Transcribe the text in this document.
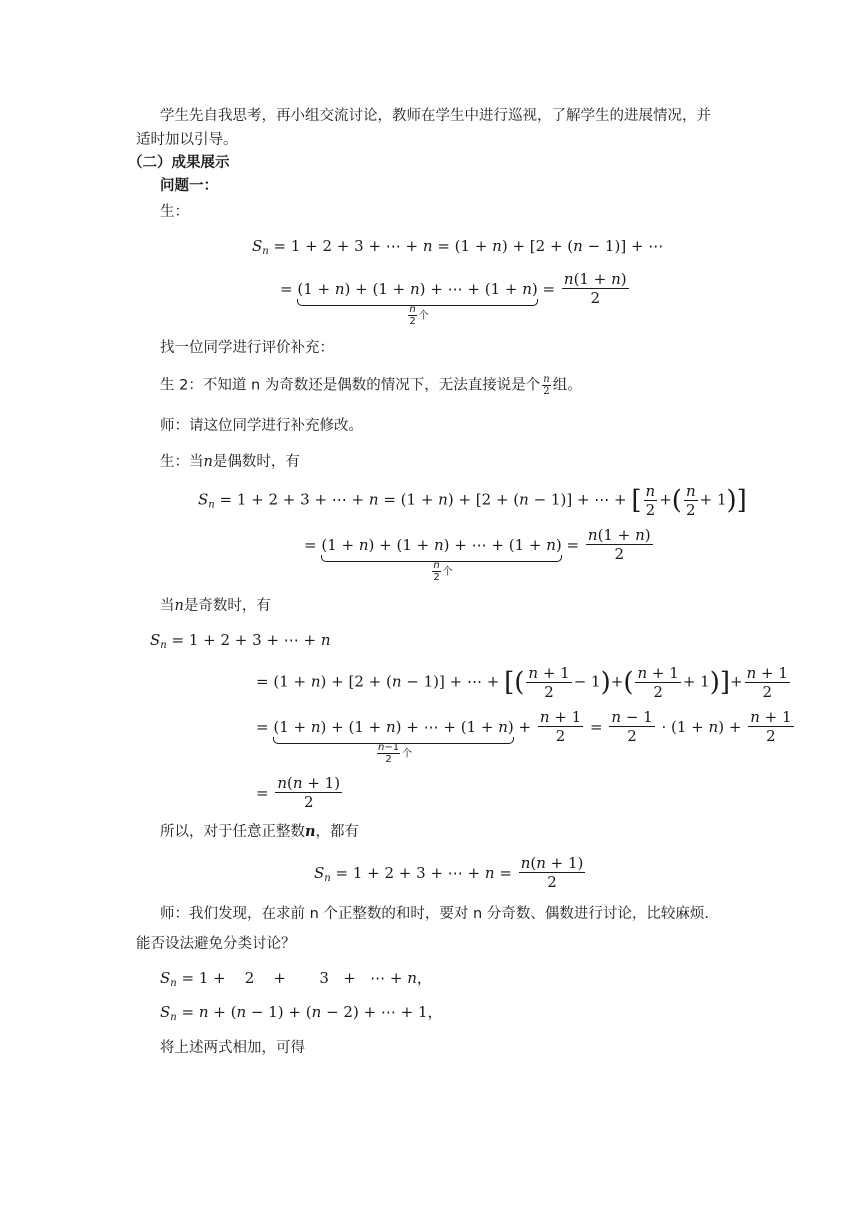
学生先自我思考，再小组交流讨论，教师在学生中进行巡视，了解学生的进展情况，并
适时加以引导。
（二）成果展示
问题一：
生：
$S_n = 1 + 2 + 3$ + ⋯ + n = (1 + n) + [2 + (n − 1)] + ⋯
= (1 + n) + (1 + n) + ⋯ + (1 + n)
$\frac{n}{2}$ 个
= $\frac{n(1 + n)}{2}$
找一位同学进行评价补充：
生 2：不知道 n 为奇数还是偶数的情况下，无法直接说是个 $\frac{n}{2}$ 组。
师：请这位同学进行补充修改。
生：当n是偶数时，有
$S_n = 1 + 2 + 3$ + ⋯ + n = (1 + n) + [2 + (n − 1)] + ⋯ + [ $\frac{n}{2}$ +( $\frac{n}{2} + 1$)]
= (1 + n) + (1 + n) + ⋯ + (1 + n)
$\frac{n}{2}$ 个
= $\frac{n(1 + n)}{2}$
当n是奇数时，有
$S_n = 1 + 2 + 3$ + ⋯ + n
= (1 + n) + [2 + (n − 1)] + ⋯ + [( $\frac{n + 1}{2} - 1)+( \frac{n + 1}{2} + 1)]+ \frac{n + 1}{2}$
= (1 + n) + (1 + n) + ⋯ + (1 + n)
$\frac{n-1}{2}$ 个
+ $\frac{n + 1}{2} = \frac{n - 1}{2} \cdot (1 + n) + \frac{n + 1}{2}$
= $\frac{n(n + 1)}{2}$
所以，对于任意正整数n，都有
$S_n = 1 + 2 + 3$ + ⋯ + $n = \frac{n(n + 1)}{2}$
师：我们发现，在求前 n 个正整数的和时，要对 n 分奇数、偶数进行讨论，比较麻烦.
能否设法避免分类讨论？
$S_n = 1$ +    2    +       3   +   ⋯ + n，
$S_n = n + (n - 1) + (n - 2)$ + ⋯ + 1，
将上述两式相加，可得
